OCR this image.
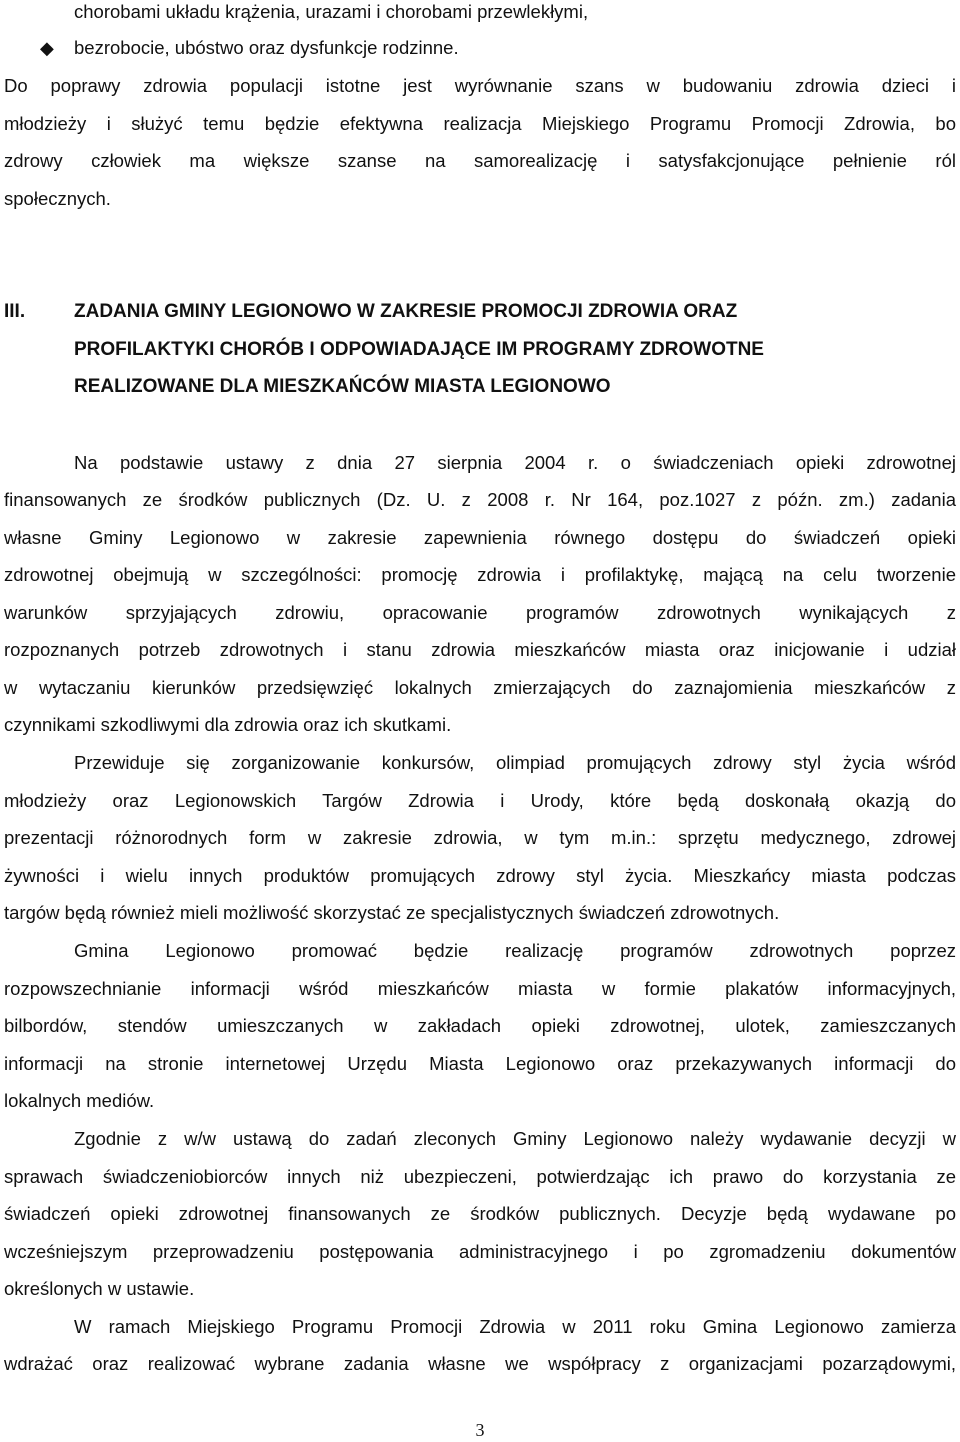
chorobami układu krążenia, urazami i chorobami przewlekłymi,
◆ bezrobocie, ubóstwo oraz dysfunkcje rodzinne.
Do poprawy zdrowia populacji istotne jest wyrównanie szans w budowaniu zdrowia dzieci i
młodzieży i służyć temu będzie efektywna realizacja Miejskiego Programu Promocji Zdrowia, bo
zdrowy człowiek ma większe szanse na samorealizację i satysfakcjonujące pełnienie ról
społecznych.
III.	ZADANIA GMINY LEGIONOWO W ZAKRESIE PROMOCJI ZDROWIA ORAZ
PROFILAKTYKI CHORÓB I ODPOWIADAJĄCE IM PROGRAMY ZDROWOTNE
REALIZOWANE DLA MIESZKAŃCÓW MIASTA LEGIONOWO
Na podstawie ustawy z dnia 27 sierpnia 2004 r. o świadczeniach opieki zdrowotnej
finansowanych ze środków publicznych (Dz. U. z 2008 r. Nr 164, poz.1027 z późn. zm.) zadania
własne Gminy Legionowo w zakresie zapewnienia równego dostępu do świadczeń opieki
zdrowotnej obejmują w szczególności: promocję zdrowia i profilaktykę, mającą na celu tworzenie
warunków sprzyjających zdrowiu, opracowanie programów zdrowotnych wynikających z
rozpoznanych potrzeb zdrowotnych i stanu zdrowia mieszkańców miasta oraz inicjowanie i udział
w wytaczaniu kierunków przedsięwzięć lokalnych zmierzających do zaznajomienia mieszkańców z
czynnikami szkodliwymi dla zdrowia oraz ich skutkami.
Przewiduje się zorganizowanie konkursów, olimpiad promujących zdrowy styl życia wśród
młodzieży oraz Legionowskich Targów Zdrowia i Urody, które będą doskonałą okazją do
prezentacji różnorodnych form w zakresie zdrowia, w tym m.in.: sprzętu medycznego, zdrowej
żywności i wielu innych produktów promujących zdrowy styl życia. Mieszkańcy miasta podczas
targów będą również mieli możliwość skorzystać ze specjalistycznych świadczeń zdrowotnych.
Gmina Legionowo promować będzie realizację programów zdrowotnych poprzez
rozpowszechnianie informacji wśród mieszkańców miasta w formie plakatów informacyjnych,
bilbordów, stendów umieszczanych w zakładach opieki zdrowotnej, ulotek, zamieszczanych
informacji na stronie internetowej Urzędu Miasta Legionowo oraz przekazywanych informacji do
lokalnych mediów.
Zgodnie z w/w ustawą do zadań zleconych Gminy Legionowo należy wydawanie decyzji w
sprawach świadczeniobiorców innych niż ubezpieczeni, potwierdzając ich prawo do korzystania ze
świadczeń opieki zdrowotnej finansowanych ze środków publicznych. Decyzje będą wydawane po
wcześniejszym przeprowadzeniu postępowania administracyjnego i po zgromadzeniu dokumentów
określonych w ustawie.
W ramach Miejskiego Programu Promocji Zdrowia w 2011 roku Gmina Legionowo zamierza
wdrażać oraz realizować wybrane zadania własne we współpracy z organizacjami pozarządowymi,
3
